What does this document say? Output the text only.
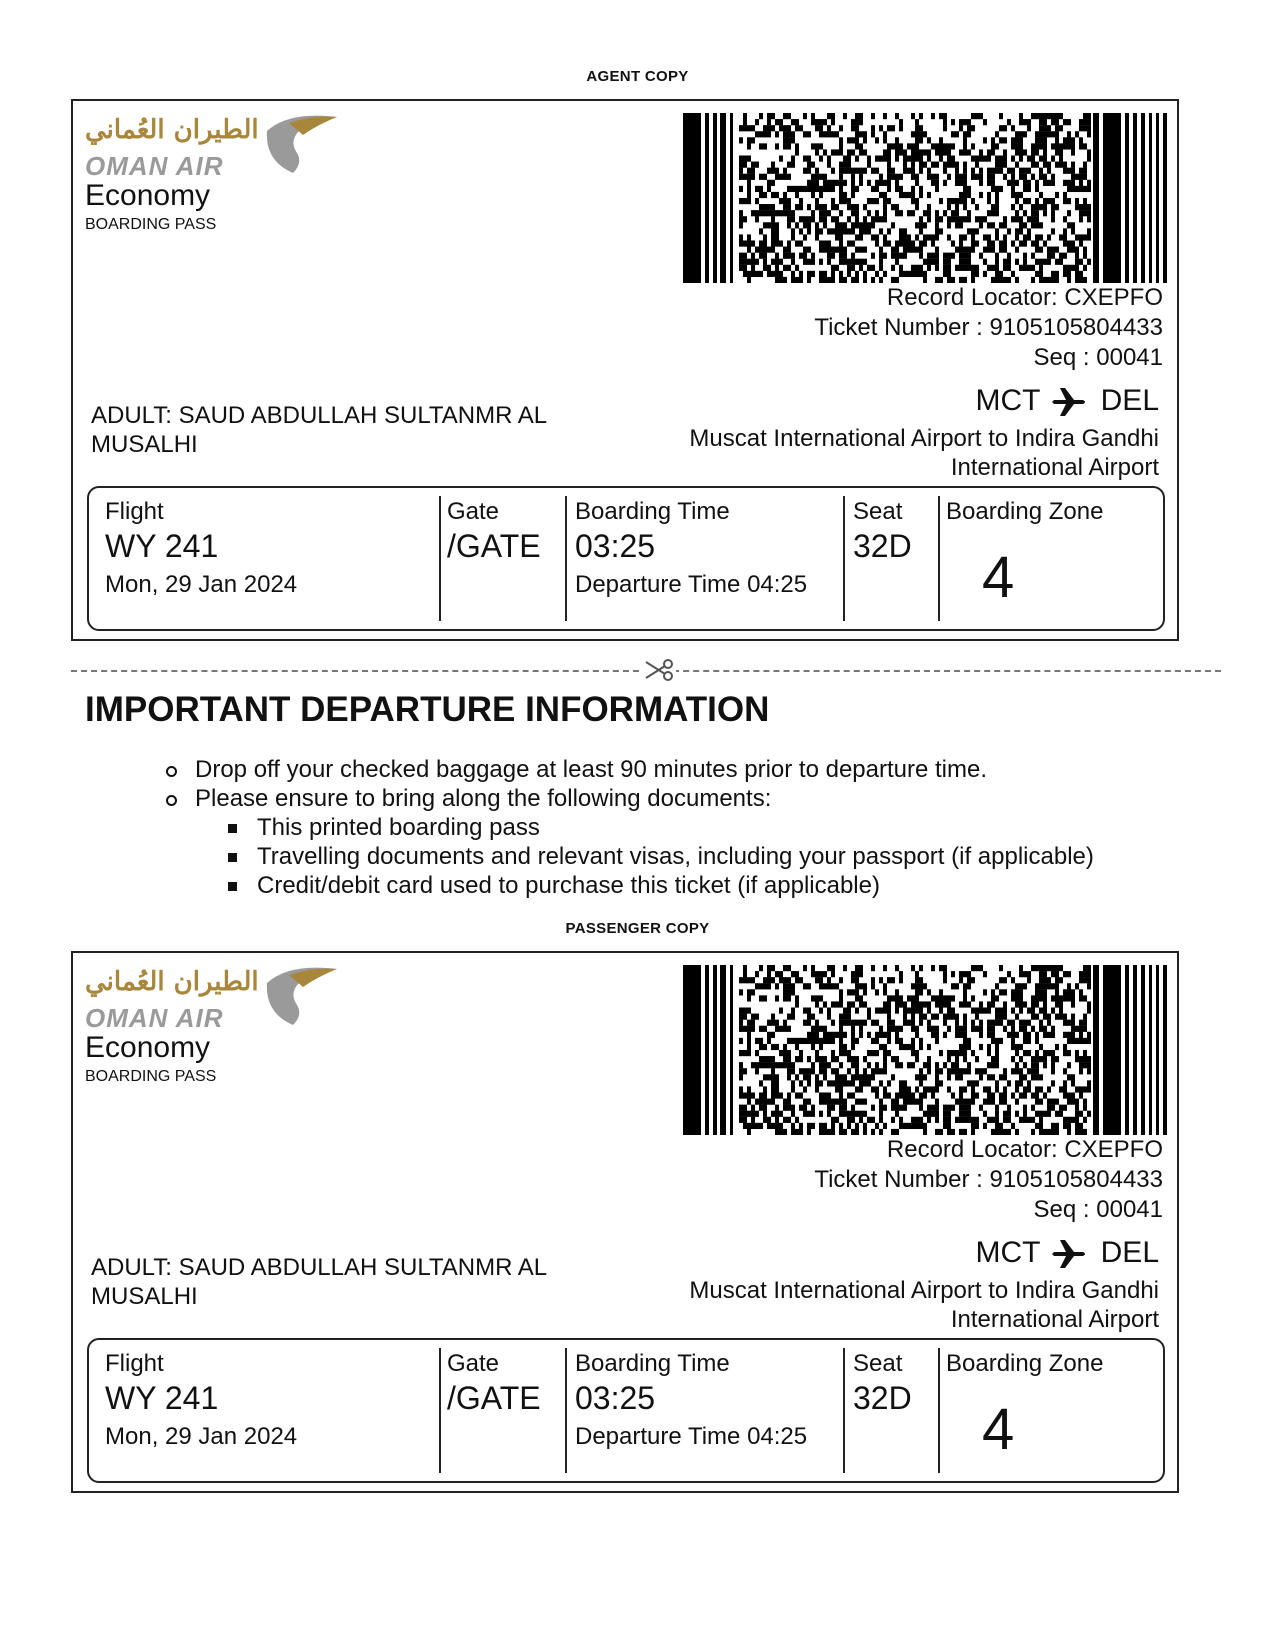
AGENT COPY
الطيران العُماني
OMAN AIR
Economy
BOARDING PASS
Record Locator: CXEPFO
Ticket Number : 9105105804433
Seq : 00041
MCT DEL
Muscat International Airport to Indira Gandhi International Airport
ADULT: SAUD ABDULLAH SULTANMR AL MUSALHI
Flight
WY 241
Mon, 29 Jan 2024
Gate
/GATE
Boarding Time
03:25
Departure Time 04:25
Seat
32D
Boarding Zone
4
IMPORTANT DEPARTURE INFORMATION
Drop off your checked baggage at least 90 minutes prior to departure time.
Please ensure to bring along the following documents:
This printed boarding pass
Travelling documents and relevant visas, including your passport (if applicable)
Credit/debit card used to purchase this ticket (if applicable)
PASSENGER COPY
الطيران العُماني
OMAN AIR
Economy
BOARDING PASS
Record Locator: CXEPFO
Ticket Number : 9105105804433
Seq : 00041
MCT DEL
Muscat International Airport to Indira Gandhi International Airport
ADULT: SAUD ABDULLAH SULTANMR AL MUSALHI
Flight
WY 241
Mon, 29 Jan 2024
Gate
/GATE
Boarding Time
03:25
Departure Time 04:25
Seat
32D
Boarding Zone
4
